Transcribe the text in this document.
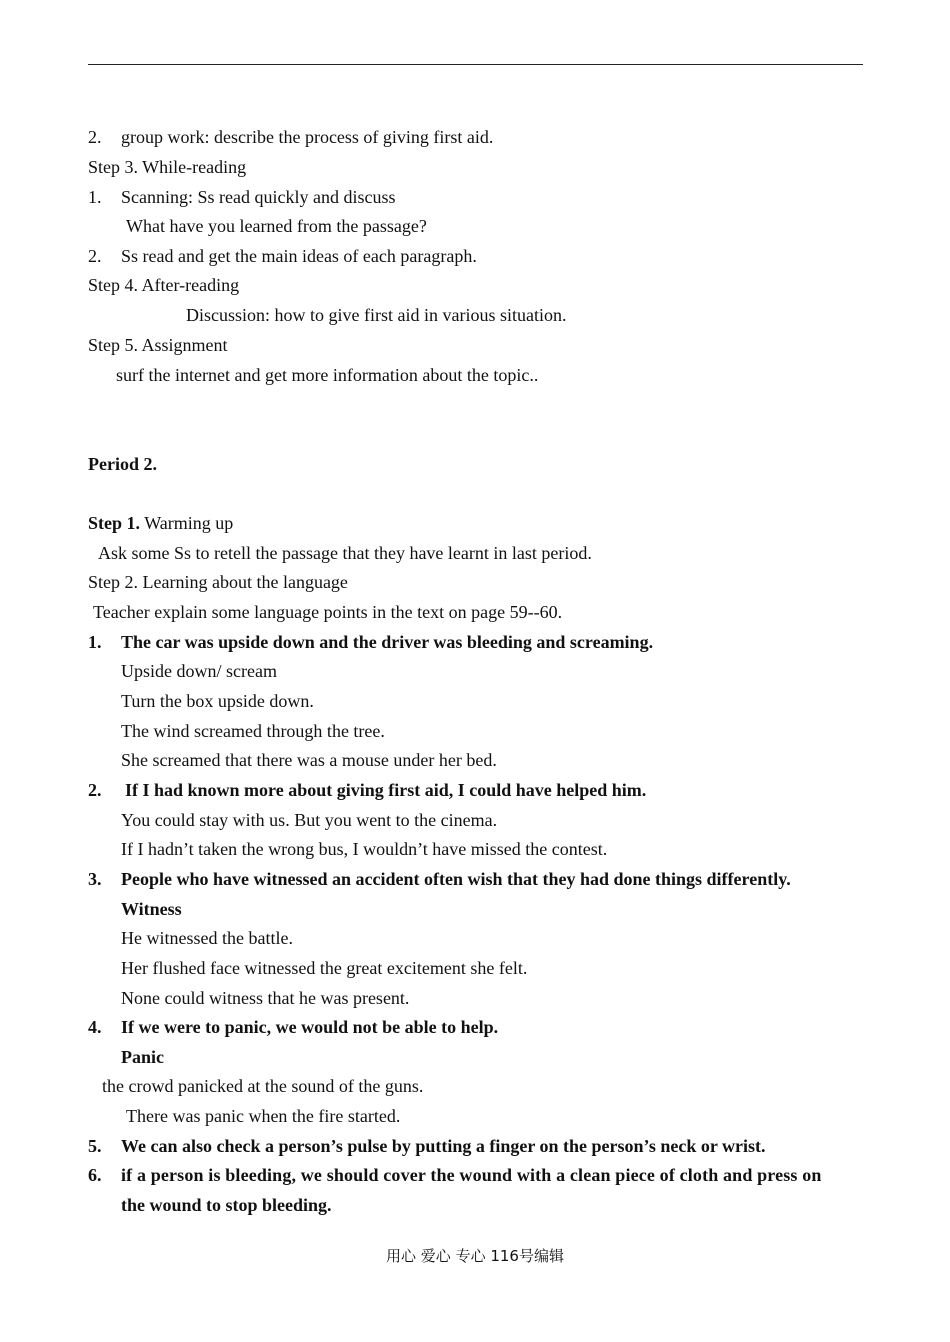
2. group work: describe the process of giving first aid.
Step 3. While-reading
1. Scanning: Ss read quickly and discuss
What have you learned from the passage?
2. Ss read and get the main ideas of each paragraph.
Step 4. After-reading
Discussion: how to give first aid in various situation.
Step 5. Assignment
surf the internet and get more information about the topic..
Period 2.
Step 1. Warming up
Ask some Ss to retell the passage that they have learnt in last period.
Step 2. Learning about the language
Teacher explain some language points in the text on page 59--60.
1. The car was upside down and the driver was bleeding and screaming.
Upside down/ scream
Turn the box upside down.
The wind screamed through the tree.
She screamed that there was a mouse under her bed.
2. If I had known more about giving first aid, I could have helped him.
You could stay with us. But you went to the cinema.
If I hadn’t taken the wrong bus, I wouldn’t have missed the contest.
3. People who have witnessed an accident often wish that they had done things differently.
Witness
He witnessed the battle.
Her flushed face witnessed the great excitement she felt.
None could witness that he was present.
4. If we were to panic, we would not be able to help.
Panic
the crowd panicked at the sound of the guns.
There was panic when the fire started.
5. We can also check a person’s pulse by putting a finger on the person’s neck or wrist.
6. if a person is bleeding, we should cover the wound with a clean piece of cloth and press on
the wound to stop bleeding.
用心 爱心 专心 116号编辑
